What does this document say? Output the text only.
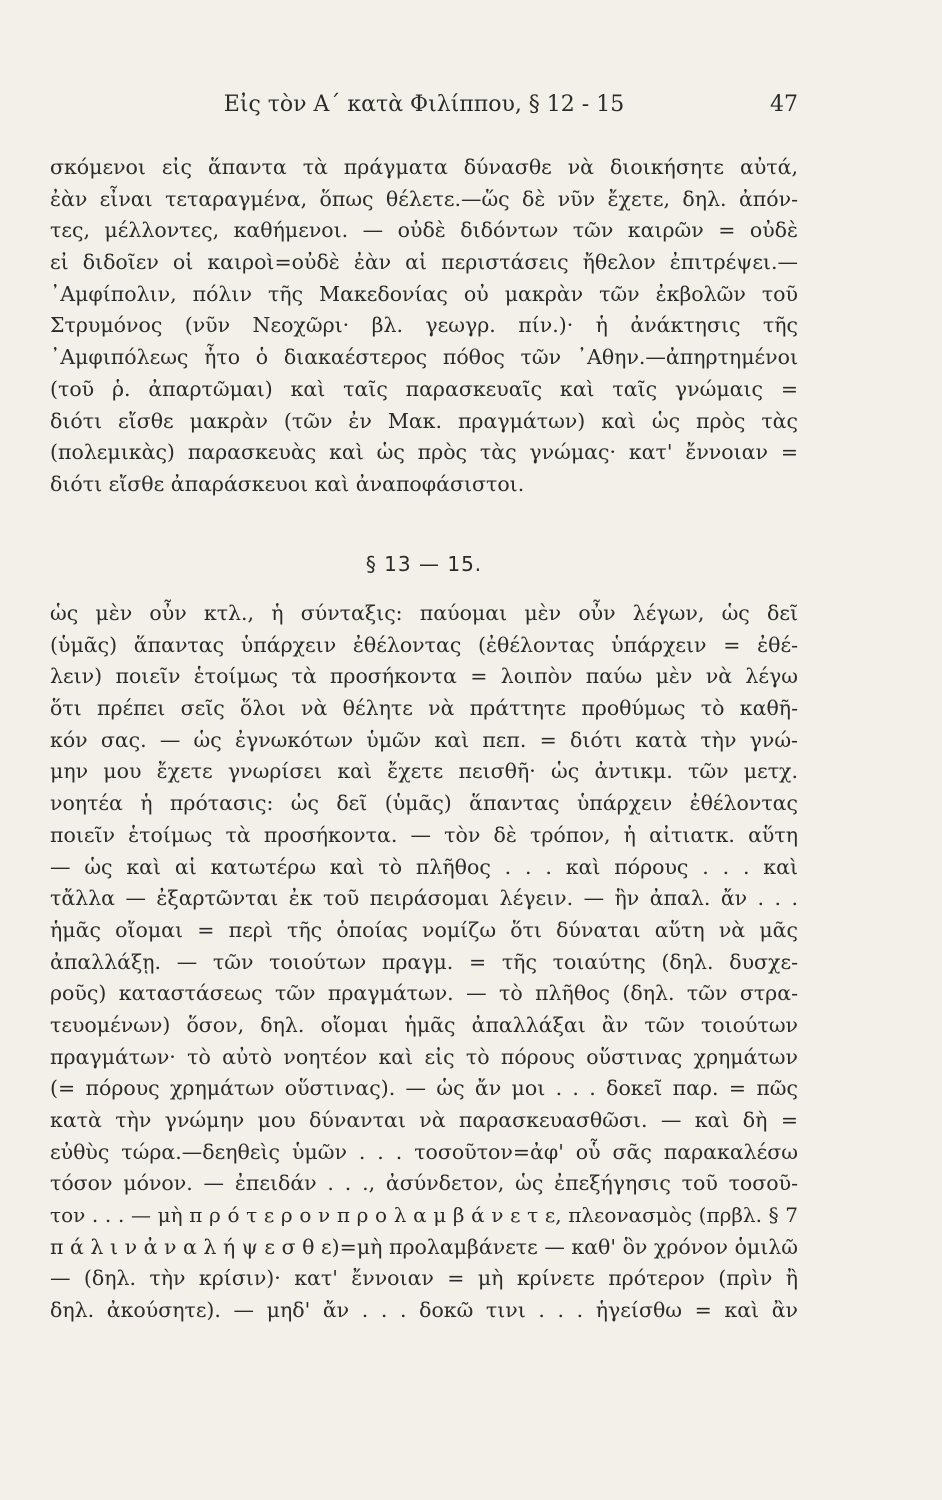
Εἰς τὸν Α΄ κατὰ Φιλίππου, § 12 - 15	47
σκόμενοι εἰς ἅπαντα τὰ πράγματα δύνασθε νὰ διοικήσητε αὐτά,
ἐὰν εἶναι τεταραγμένα, ὅπως θέλετε.—ὥς δὲ νῦν ἔχετε, δηλ. ἀπόν-
τες, μέλλοντες, καθήμενοι. — οὐδὲ διδόντων τῶν καιρῶν = οὐδὲ
εἰ διδοῖεν οἱ καιροὶ=οὐδὲ ἐὰν αἱ περιστάσεις ἤθελον ἐπιτρέψει.—
᾿Αμφίπολιν, πόλιν τῆς Μακεδονίας οὐ μακρὰν τῶν ἐκβολῶν τοῦ
Στρυμόνος (νῦν Νεοχῶρι· βλ. γεωγρ. πίν.)· ἡ ἀνάκτησις τῆς
᾿Αμφιπόλεως ἦτο ὁ διακαέστερος πόθος τῶν ᾿Αθην.—ἀπηρτημένοι
(τοῦ ῥ. ἀπαρτῶμαι) καὶ ταῖς παρασκευαῖς καὶ ταῖς γνώμαις =
διότι εἴσθε μακρὰν (τῶν ἐν Μακ. πραγμάτων) καὶ ὡς πρὸς τὰς
(πολεμικὰς) παρασκευὰς καὶ ὡς πρὸς τὰς γνώμας· κατ' ἔννοιαν =
διότι εἴσθε ἀπαράσκευοι καὶ ἀναποφάσιστοι.
§ 13 — 15.
ὡς μὲν οὖν κτλ., ἡ σύνταξις: παύομαι μὲν οὖν λέγων, ὡς δεῖ
(ὑμᾶς) ἅπαντας ὑπάρχειν ἐθέλοντας (ἐθέλοντας ὑπάρχειν = ἐθέ-
λειν) ποιεῖν ἑτοίμως τὰ προσήκοντα = λοιπὸν παύω μὲν νὰ λέγω
ὅτι πρέπει σεῖς ὅλοι νὰ θέλητε νὰ πράττητε προθύμως τὸ καθῆ-
κόν σας. — ὡς ἐγνωκότων ὑμῶν καὶ πεπ. = διότι κατὰ τὴν γνώ-
μην μου ἔχετε γνωρίσει καὶ ἔχετε πεισθῆ· ὡς ἀντικμ. τῶν μετχ.
νοητέα ἡ πρότασις: ὡς δεῖ (ὑμᾶς) ἅπαντας ὑπάρχειν ἐθέλοντας
ποιεῖν ἑτοίμως τὰ προσήκοντα. — τὸν δὲ τρόπον, ἡ αἰτιατκ. αὕτη
— ὡς καὶ αἱ κατωτέρω καὶ τὸ πλῆθος . . . καὶ πόρους . . . καὶ
τἄλλα — ἐξαρτῶνται ἐκ τοῦ πειράσομαι λέγειν. — ἣν ἀπαλ. ἄν . . .
ἡμᾶς οἴομαι = περὶ τῆς ὁποίας νομίζω ὅτι δύναται αὕτη νὰ μᾶς
ἀπαλλάξῃ. — τῶν τοιούτων πραγμ. = τῆς τοιαύτης (δηλ. δυσχε-
ροῦς) καταστάσεως τῶν πραγμάτων. — τὸ πλῆθος (δηλ. τῶν στρα-
τευομένων) ὅσον, δηλ. οἴομαι ἡμᾶς ἀπαλλάξαι ἂν τῶν τοιούτων
πραγμάτων· τὸ αὐτὸ νοητέον καὶ εἰς τὸ πόρους οὕστινας χρημάτων
(= πόρους χρημάτων οὕστινας). — ὡς ἄν μοι . . . δοκεῖ παρ. = πῶς
κατὰ τὴν γνώμην μου δύνανται νὰ παρασκευασθῶσι. — καὶ δὴ =
εὐθὺς τώρα.—δεηθεὶς ὑμῶν . . . τοσοῦτον=ἀφ' οὗ σᾶς παρακαλέσω
τόσον μόνον. — ἐπειδάν . . ., ἀσύνδετον, ὡς ἐπεξήγησις τοῦ τοσοῦ-
τον . . . — μὴ π ρ ό τ ε ρ ο ν π ρ ο λ α μ β ά ν ε τ ε, πλεονασμὸς (πρβλ. § 7
π ά λ ι ν ἀ ν α λ ή ψ ε σ θ ε)=μὴ προλαμβάνετε — καθ' ὃν χρόνον ὁμιλῶ
— (δηλ. τὴν κρίσιν)· κατ' ἔννοιαν = μὴ κρίνετε πρότερον (πρὶν ἢ
δηλ. ἀκούσητε). — μηδ' ἄν . . . δοκῶ τινι . . . ἡγείσθω = καὶ ἂν
